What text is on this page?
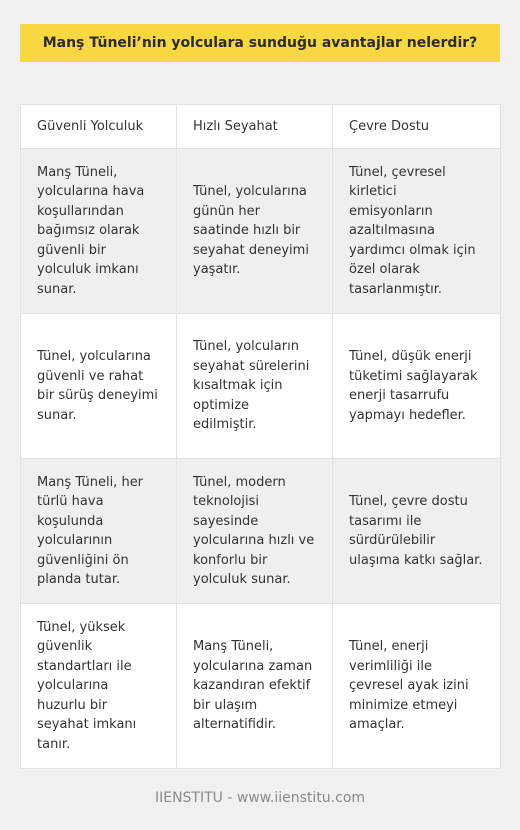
Manş Tüneli’nin yolculara sunduğu avantajlar nelerdir?
Güvenli Yolculuk	Hızlı Seyahat	Çevre Dostu
Manş Tüneli, yolcularına hava koşullarından bağımsız olarak güvenli bir yolculuk imkanı sunar.	Tünel, yolcularına günün her saatinde hızlı bir seyahat deneyimi yaşatır.	Tünel, çevresel kirletici emisyonların azaltılmasına yardımcı olmak için özel olarak tasarlanmıştır.
Tünel, yolcularına güvenli ve rahat bir sürüş deneyimi sunar.	Tünel, yolcuların seyahat sürelerini kısaltmak için optimize edilmiştir.	Tünel, düşük enerji tüketimi sağlayarak enerji tasarrufu yapmayı hedefler.
Manş Tüneli, her türlü hava koşulunda yolcularının güvenliğini ön planda tutar.	Tünel, modern teknolojisi sayesinde yolcularına hızlı ve konforlu bir yolculuk sunar.	Tünel, çevre dostu tasarımı ile sürdürülebilir ulaşıma katkı sağlar.
Tünel, yüksek güvenlik standartları ile yolcularına huzurlu bir seyahat imkanı tanır.	Manş Tüneli, yolcularına zaman kazandıran efektif bir ulaşım alternatifidir.	Tünel, enerji verimliliği ile çevresel ayak izini minimize etmeyi amaçlar.
IIENSTITU - www.iienstitu.com
